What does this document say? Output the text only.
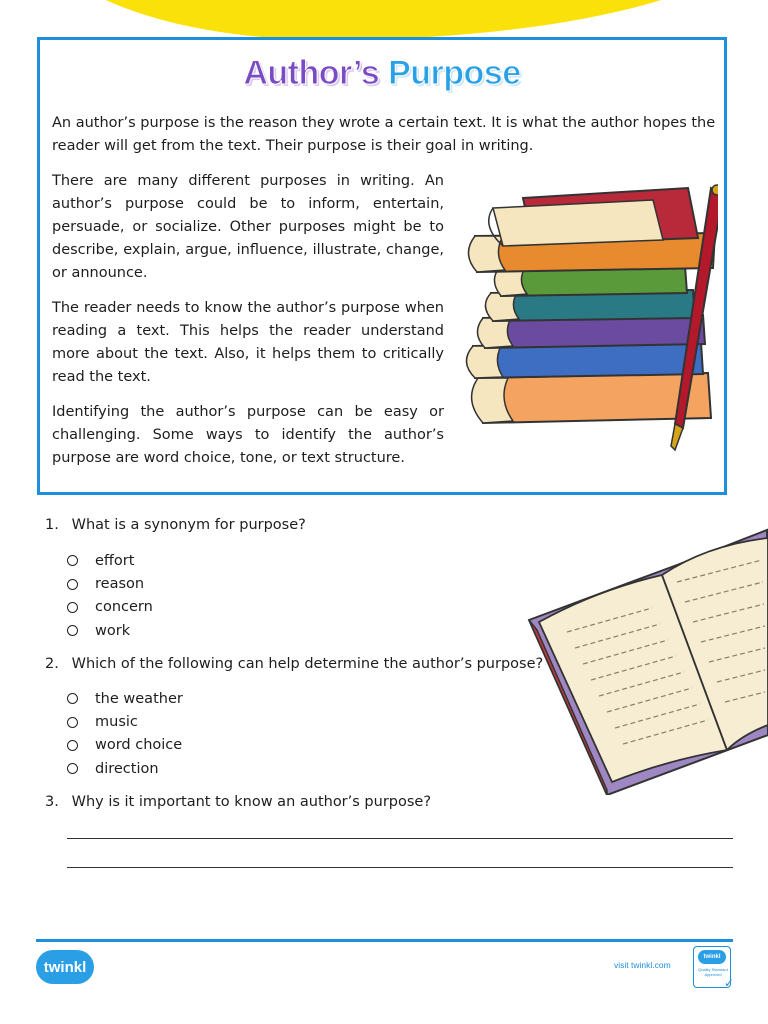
Author’s Purpose

An author’s purpose is the reason they wrote a certain text. It is what the author hopes the reader will get from the text. Their purpose is their goal in writing.

There are many different purposes in writing. An author’s purpose could be to inform, entertain, persuade, or socialize. Other purposes might be to describe, explain, argue, influence, illustrate, change, or announce.

The reader needs to know the author’s purpose when reading a text. This helps the reader understand more about the text. Also, it helps them to critically read the text.

Identifying the author’s purpose can be easy or challenging. Some ways to identify the author’s purpose are word choice, tone, or text structure.

1. What is a synonym for purpose?
effort
reason
concern
work
2. Which of the following can help determine the author’s purpose?
the weather
music
word choice
direction
3. Why is it important to know an author’s purpose?
twinkl	visit twinkl.com
twinkl
Quality Standard Approved
✓
